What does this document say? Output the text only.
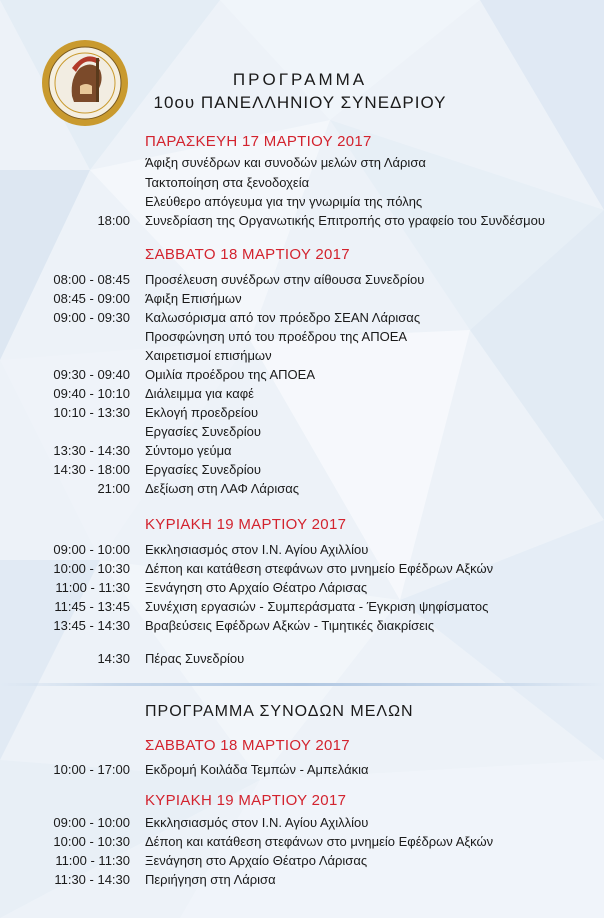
ΠΡΟΓΡΑΜΜΑ
10ου ΠΑΝΕΛΛΗΝΙΟΥ ΣΥΝΕΔΡΙΟΥ
ΠΑΡΑΣΚΕΥΗ 17 ΜΑΡΤΙΟΥ 2017
Άφιξη συνέδρων και συνοδών μελών στη Λάρισα
Τακτοποίηση στα ξενοδοχεία
Ελεύθερο απόγευμα για την γνωριμία της πόλης
18:00 Συνεδρίαση της Οργανωτικής Επιτροπής στο γραφείο του Συνδέσμου
ΣΑΒΒΑΤΟ 18 ΜΑΡΤΙΟΥ 2017
08:00 - 08:45 Προσέλευση συνέδρων στην αίθουσα Συνεδρίου
08:45 - 09:00 Άφιξη Επισήμων
09:00 - 09:30 Καλωσόρισμα από τον πρόεδρο ΣΕΑΝ Λάρισας
Προσφώνηση υπό του προέδρου της ΑΠΟΕΑ
Χαιρετισμοί επισήμων
09:30 - 09:40 Ομιλία προέδρου της ΑΠΟΕΑ
09:40 - 10:10 Διάλειμμα για καφέ
10:10 - 13:30 Εκλογή προεδρείου
Εργασίες Συνεδρίου
13:30 - 14:30 Σύντομο γεύμα
14:30 - 18:00 Εργασίες Συνεδρίου
21:00 Δεξίωση στη ΛΑΦ Λάρισας
ΚΥΡΙΑΚΗ 19 ΜΑΡΤΙΟΥ 2017
09:00 - 10:00 Εκκλησιασμός στον Ι.Ν. Αγίου Αχιλλίου
10:00 - 10:30 Δέποη και κατάθεση στεφάνων στο μνημείο Εφέδρων Αξκών
11:00 - 11:30 Ξενάγηση στο Αρχαίο Θέατρο Λάρισας
11:45 - 13:45 Συνέχιση εργασιών - Συμπεράσματα - Έγκριση ψηφίσματος
13:45 - 14:30 Βραβεύσεις Εφέδρων Αξκών - Τιμητικές διακρίσεις
14:30 Πέρας Συνεδρίου
ΠΡΟΓΡΑΜΜΑ ΣΥΝΟΔΩΝ ΜΕΛΩΝ
ΣΑΒΒΑΤΟ 18 ΜΑΡΤΙΟΥ 2017
10:00 - 17:00 Εκδρομή Κοιλάδα Τεμπών - Αμπελάκια
ΚΥΡΙΑΚΗ 19 ΜΑΡΤΙΟΥ 2017
09:00 - 10:00 Εκκλησιασμός στον Ι.Ν. Αγίου Αχιλλίου
10:00 - 10:30 Δέποη και κατάθεση στεφάνων στο μνημείο Εφέδρων Αξκών
11:00 - 11:30 Ξενάγηση στο Αρχαίο Θέατρο Λάρισας
11:30 - 14:30 Περιήγηση στη Λάρισα
